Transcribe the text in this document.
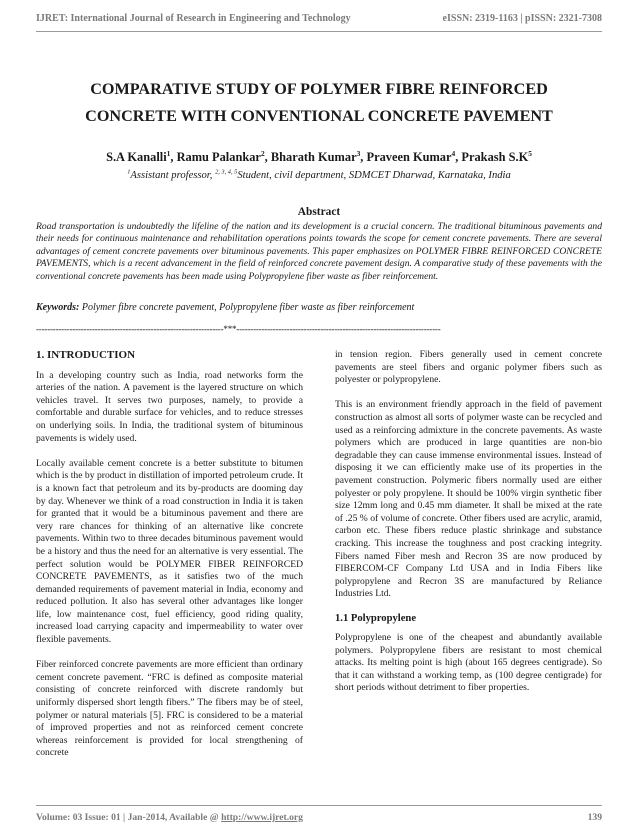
IJRET: International Journal of Research in Engineering and Technology	eISSN: 2319-1163 | pISSN: 2321-7308
COMPARATIVE STUDY OF POLYMER FIBRE REINFORCED
CONCRETE WITH CONVENTIONAL CONCRETE PAVEMENT
S.A Kanalli$^1$, Ramu Palankar$^2$, Bharath Kumar$^3$, Praveen Kumar$^4$, Prakash $S.K^5$
$^1$Assistant professor, $^{2, 3, 4, 5}$Student, civil department, SDMCET Dharwad, Karnataka, India
Abstract
Road transportation is undoubtedly the lifeline of the nation and its development is a crucial concern. The traditional bituminous pavements and their needs for continuous maintenance and rehabilitation operations points towards the scope for cement concrete pavements. There are several advantages of cement concrete pavements over bituminous pavements. This paper emphasizes on POLYMER FIBRE REINFORCED CONCRETE PAVEMENTS, which is a recent advancement in the field of reinforced concrete pavement design. A comparative study of these pavements with the conventional concrete pavements has been made using Polypropylene fiber waste as fiber reinforcement.
Keywords: Polymer fibre concrete pavement, Polypropylene fiber waste as fiber reinforcement
-------------------------------------------------------------------***-------------------------------------------------------------------------
1. INTRODUCTION

In a developing country such as India, road networks form the arteries of the nation. A pavement is the layered structure on which vehicles travel. It serves two purposes, namely, to provide a comfortable and durable surface for vehicles, and to reduce stresses on underlying soils. In India, the traditional system of bituminous pavements is widely used.

Locally available cement concrete is a better substitute to bitumen which is the by product in distillation of imported petroleum crude. It is a known fact that petroleum and its by-products are dooming day by day. Whenever we think of a road construction in India it is taken for granted that it would be a bituminous pavement and there are very rare chances for thinking of an alternative like concrete pavements. Within two to three decades bituminous pavement would be a history and thus the need for an alternative is very essential. The perfect solution would be POLYMER FIBER REINFORCED CONCRETE PAVEMENTS, as it satisfies two of the much demanded requirements of pavement material in India, economy and reduced pollution. It also has several other advantages like longer life, low maintenance cost, fuel efficiency, good riding quality, increased load carrying capacity and impermeability to water over flexible pavements.

Fiber reinforced concrete pavements are more efficient than ordinary cement concrete pavement. “FRC is defined as composite material consisting of concrete reinforced with discrete randomly but uniformly dispersed short length fibers.” The fibers may be of steel, polymer or natural materials [5]. FRC is considered to be a material of improved properties and not as reinforced cement concrete whereas reinforcement is provided for local strengthening of concrete

in tension region. Fibers generally used in cement concrete pavements are steel fibers and organic polymer fibers such as polyester or polypropylene.

This is an environment friendly approach in the field of pavement construction as almost all sorts of polymer waste can be recycled and used as a reinforcing admixture in the concrete pavements. As waste polymers which are produced in large quantities are non-bio degradable they can cause immense environmental issues. Instead of disposing it we can efficiently make use of its properties in the pavement construction. Polymeric fibers normally used are either polyester or poly propylene. It should be 100% virgin synthetic fiber size 12mm long and 0.45 mm diameter. It shall be mixed at the rate of .25 % of volume of concrete. Other fibers used are acrylic, aramid, carbon etc. These fibers reduce plastic shrinkage and substance cracking. This increase the toughness and post cracking integrity. Fibers named Fiber mesh and Recron 3S are now produced by FIBERCOM-CF Company Ltd USA and in India Fibers like polypropylene and Recron 3S are manufactured by Reliance Industries Ltd.

1.1 Polypropylene

Polypropylene is one of the cheapest and abundantly available polymers. Polypropylene fibers are resistant to most chemical attacks. Its melting point is high (about 165 degrees centigrade). So that it can withstand a working temp, as (100 degree centigrade) for short periods without detriment to fiber properties.

Volume: 03 Issue: 01 | Jan-2014, Available @ http://www.ijret.org	139
